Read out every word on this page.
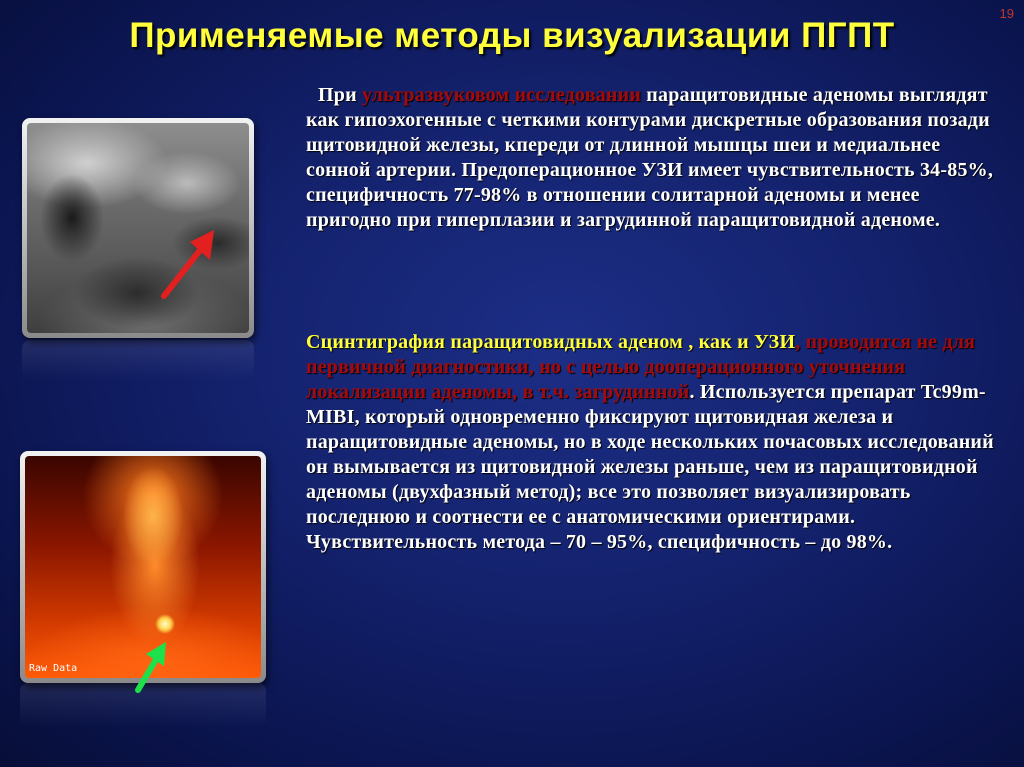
19
Применяемые методы визуализации ПГПТ
Raw Data
При ультразвуковом исследовании паращитовидные аденомы выглядят как гипоэхогенные с четкими контурами дискретные образования позади щитовидной железы, кпереди от длинной мышцы шеи и медиальнее сонной артерии. Предоперационное УЗИ имеет чувствительность 34-85%, специфичность 77-98% в отношении солитарной аденомы и менее пригодно при гиперплазии и загрудинной паращитовидной аденоме.
Сцинтиграфия паращитовидных аден​ом , как и УЗИ, проводится не для первичной диагностики, но с целью дооперационного уточнения локализации аденомы, в т.ч. загрудинной. Используется препарат Tc99m-MIBI, который одновременно фиксируют щитовидная железа и паращитовидные аденомы, но в ходе нескольких почасовых исследований он вымывается из щитовидной железы раньше, чем из паращитовидной аденомы (двухфазный метод); все это позволяет визуализировать последнюю и соотнести ее с анатомическими ориентирами. Чувствительность метода – 70 – 95%, специфичность – до 98%.
